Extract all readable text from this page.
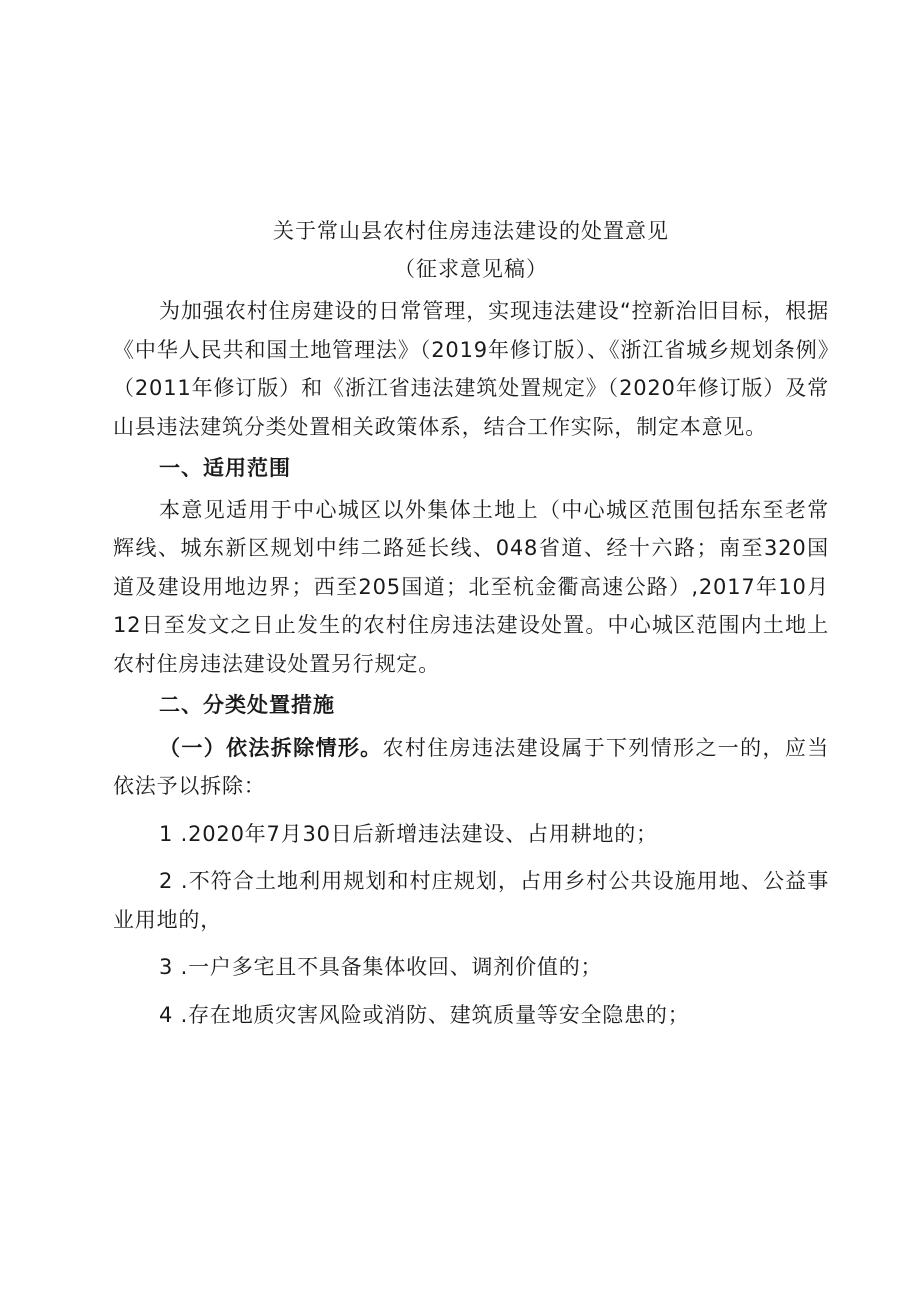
关于常山县农村住房违法建设的处置意见
（征求意见稿）

为加强农村住房建设的日常管理，实现违法建设“控新治旧目标，根据《中华人民共和国土地管理法》（2019年修订版）、《浙江省城乡规划条例》（2011年修订版）和《浙江省违法建筑处置规定》（2020年修订版）及常山县违法建筑分类处置相关政策体系，结合工作实际，制定本意见。

一、适用范围

本意见适用于中心城区以外集体土地上（中心城区范围包括东至老常辉线、城东新区规划中纬二路延长线、048省道、经十六路；南至320国道及建设用地边界；西至205国道；北至杭金衢高速公路）,2017年10月12日至发文之日止发生的农村住房违法建设处置。中心城区范围内土地上农村住房违法建设处置另行规定。

二、分类处置措施

（一）依法拆除情形。农村住房违法建设属于下列情形之一的，应当依法予以拆除：

1 .2020年7月30日后新增违法建设、占用耕地的；

2 .不符合土地利用规划和村庄规划，占用乡村公共设施用地、公益事业用地的，

3 .一户多宅且不具备集体收回、调剂价值的；

4 .存在地质灾害风险或消防、建筑质量等安全隐患的；
